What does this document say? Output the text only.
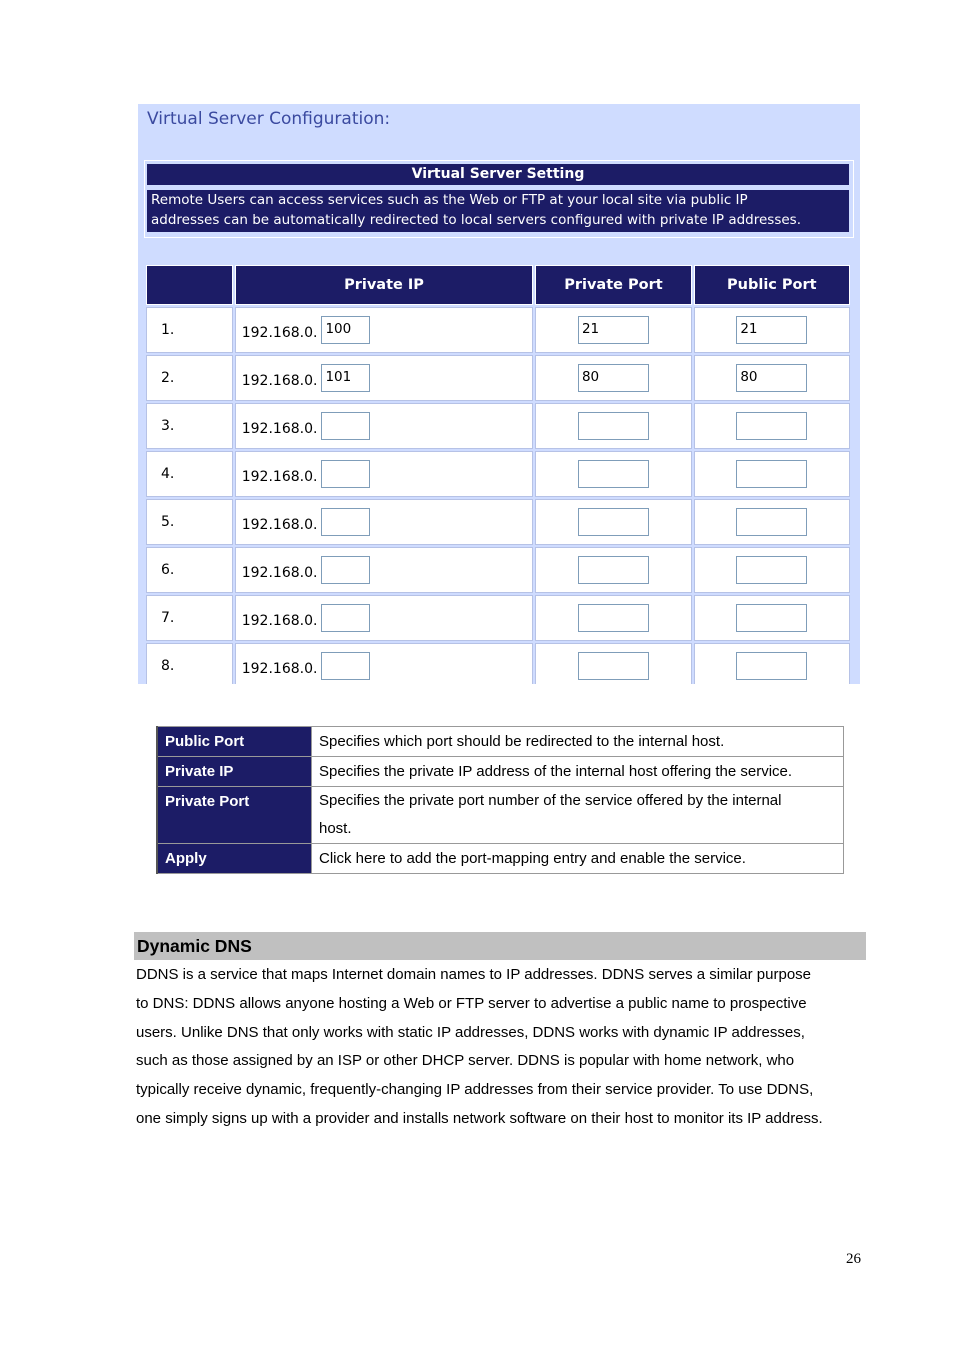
Virtual Server Configuration:
Virtual Server Setting
Remote Users can access services such as the Web or FTP at your local site via public IP
addresses can be automatically redirected to local servers configured with private IP addresses.
	Private IP	Private Port	Public Port
1.	192.168.0. 100	21	21
2.	192.168.0. 101	80	80
3.	192.168.0.		
4.	192.168.0.		
5.	192.168.0.		
6.	192.168.0.		
7.	192.168.0.		
8.	192.168.0.		

Public Port	Specifies which port should be redirected to the internal host.
Private IP	Specifies the private IP address of the internal host offering the service.
Private Port	Specifies the private port number of the service offered by the internal
host.

Apply	Click here to add the port-mapping entry and enable the service.
Dynamic DNS
DDNS is a service that maps Internet domain names to IP addresses. DDNS serves a similar purpose
to DNS: DDNS allows anyone hosting a Web or FTP server to advertise a public name to prospective
users. Unlike DNS that only works with static IP addresses, DDNS works with dynamic IP addresses,
such as those assigned by an ISP or other DHCP server. DDNS is popular with home network, who
typically receive dynamic, frequently-changing IP addresses from their service provider. To use DDNS,
one simply signs up with a provider and installs network software on their host to monitor its IP address.
26
